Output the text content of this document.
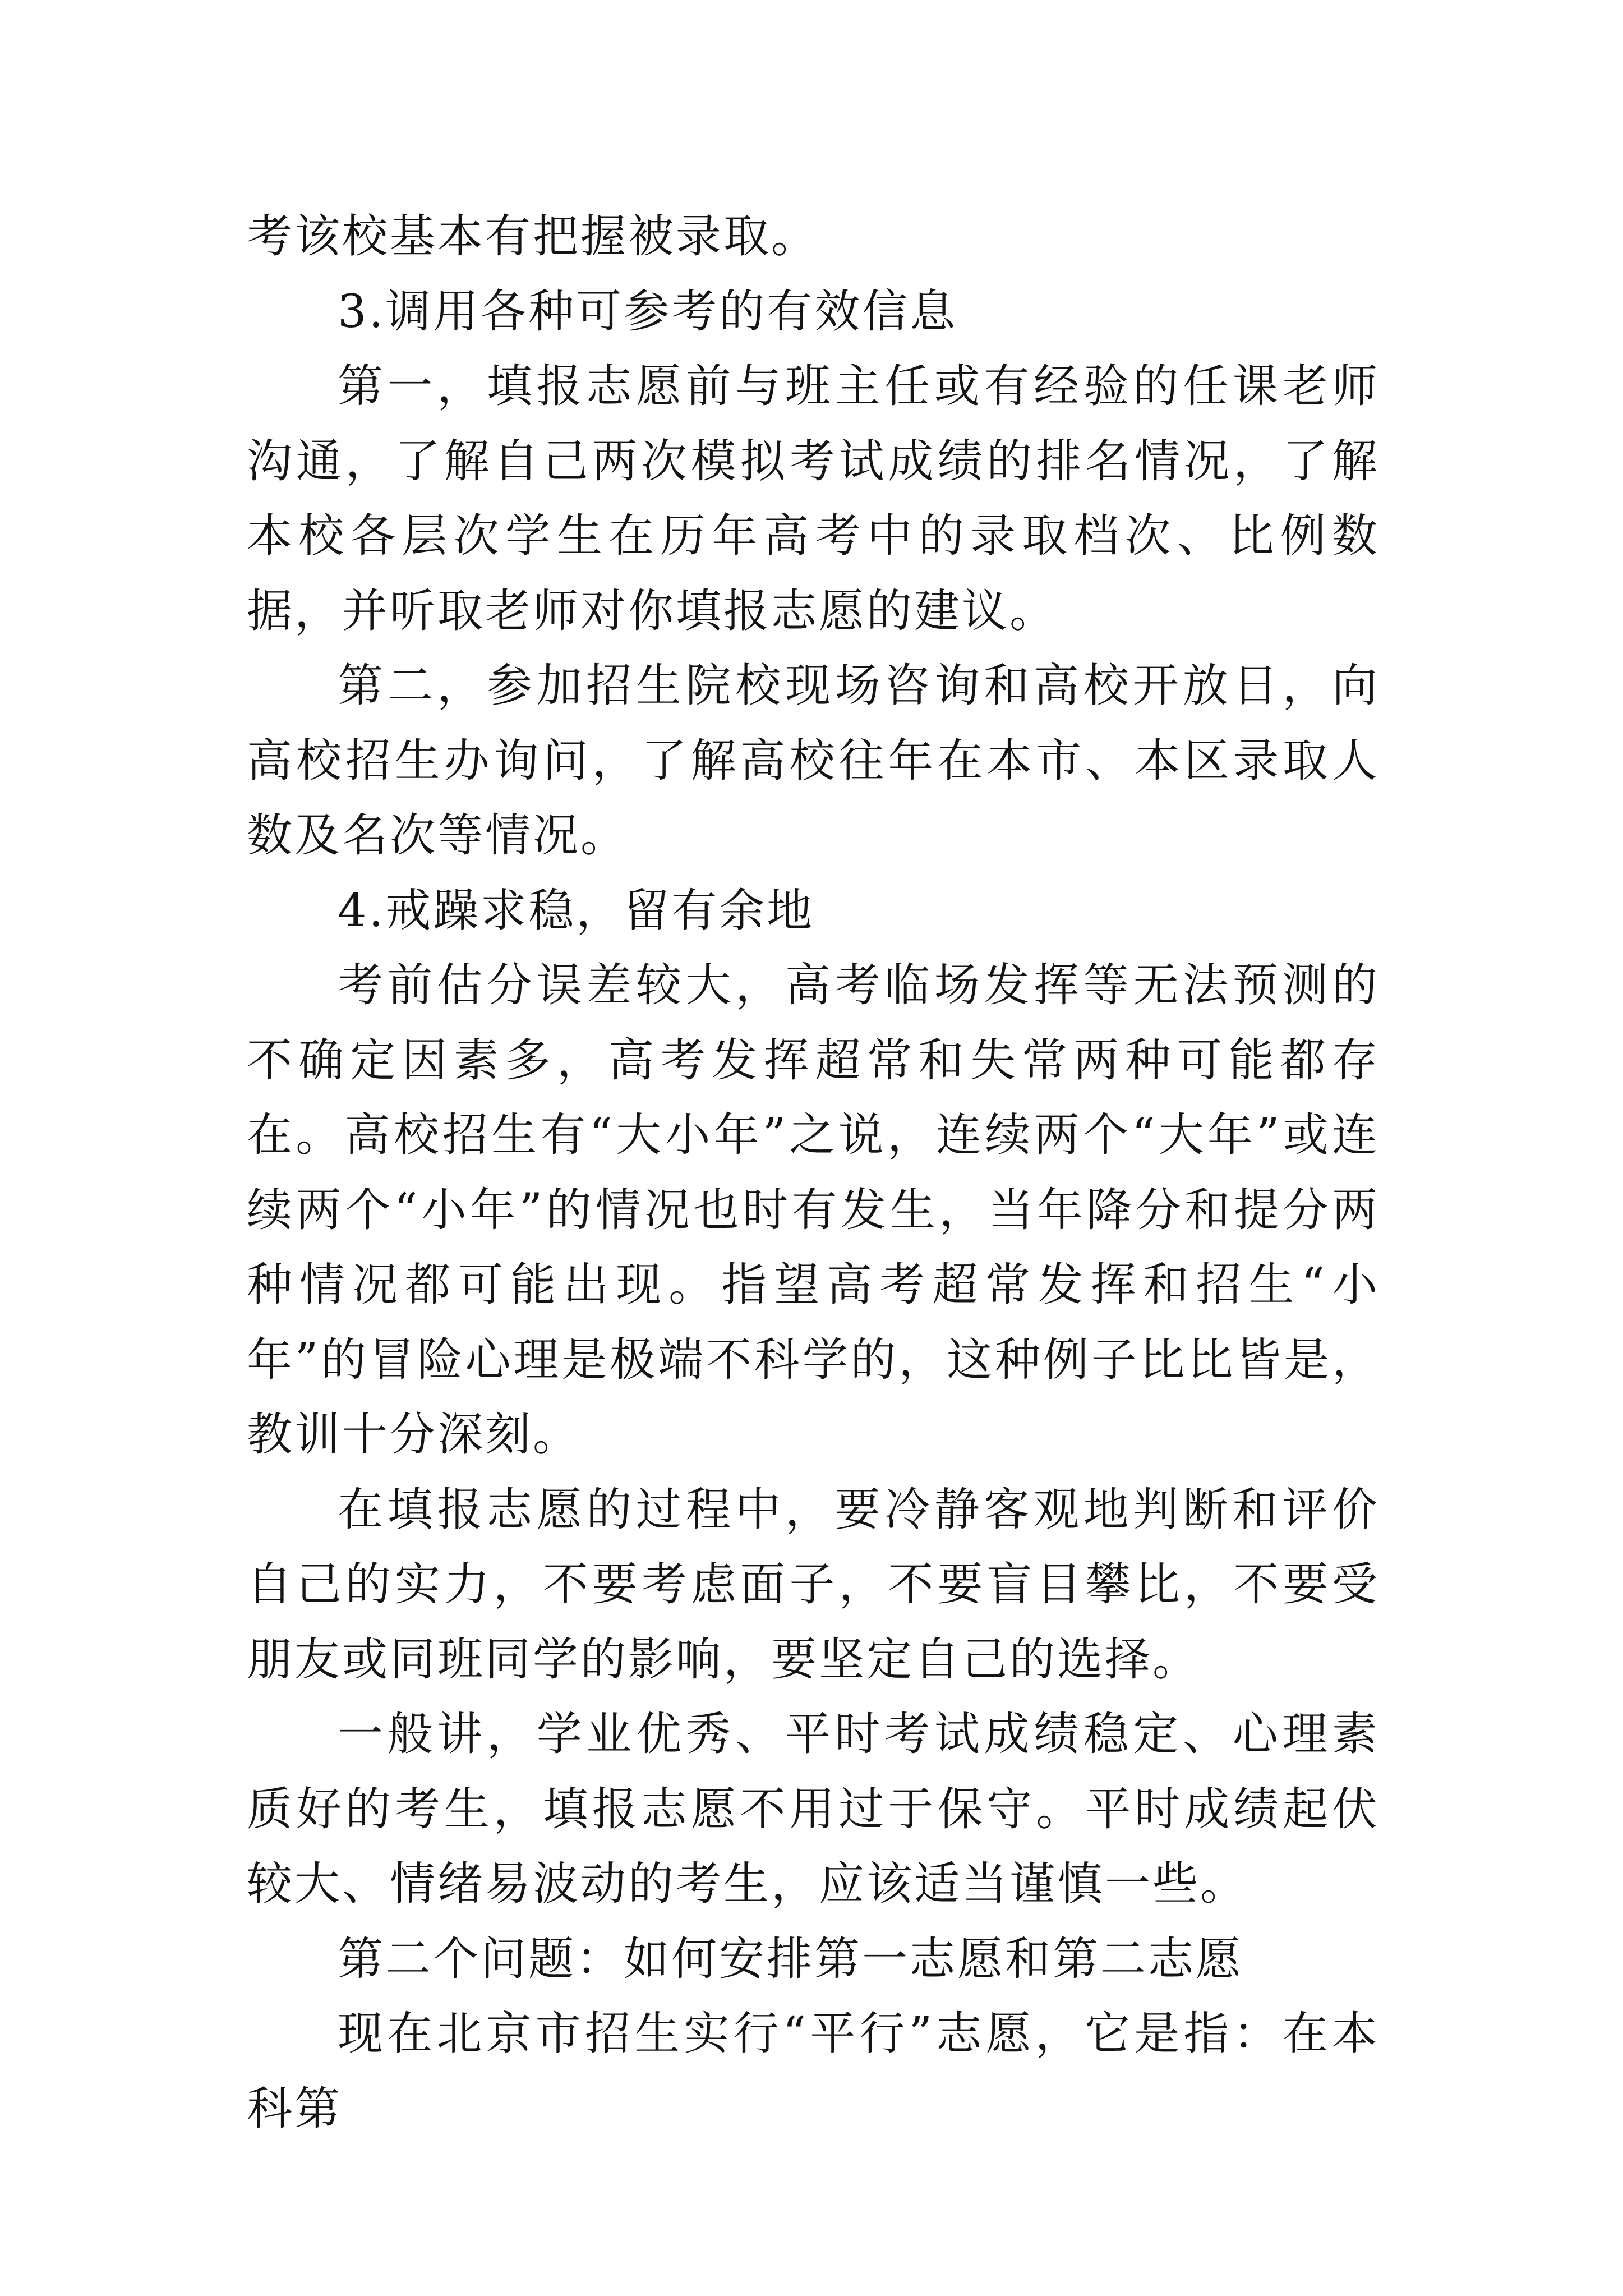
考该校基本有把握被录取。

3.调用各种可参考的有效信息

第一，填报志愿前与班主任或有经验的任课老师沟通，了解自己两次模拟考试成绩的排名情况，了解本校各层次学生在历年高考中的录取档次、比例数据，并听取老师对你填报志愿的建议。

第二，参加招生院校现场咨询和高校开放日，向高校招生办询问，了解高校往年在本市、本区录取人数及名次等情况。

4.戒躁求稳，留有余地

考前估分误差较大，高考临场发挥等无法预测的不确定因素多，高考发挥超常和失常两种可能都存在。高校招生有“大小年”之说，连续两个“大年”或连续两个“小年”的情况也时有发生，当年降分和提分两种情况都可能出现。指望高考超常发挥和招生“小年”的冒险心理是极端不科学的，这种例子比比皆是，教训十分深刻。

在填报志愿的过程中，要冷静客观地判断和评价自己的实力，不要考虑面子，不要盲目攀比，不要受朋友或同班同学的影响，要坚定自己的选择。

一般讲，学业优秀、平时考试成绩稳定、心理素质好的考生，填报志愿不用过于保守。平时成绩起伏较大、情绪易波动的考生，应该适当谨慎一些。

第二个问题：如何安排第一志愿和第二志愿

现在北京市招生实行“平行”志愿，它是指：在本科第
